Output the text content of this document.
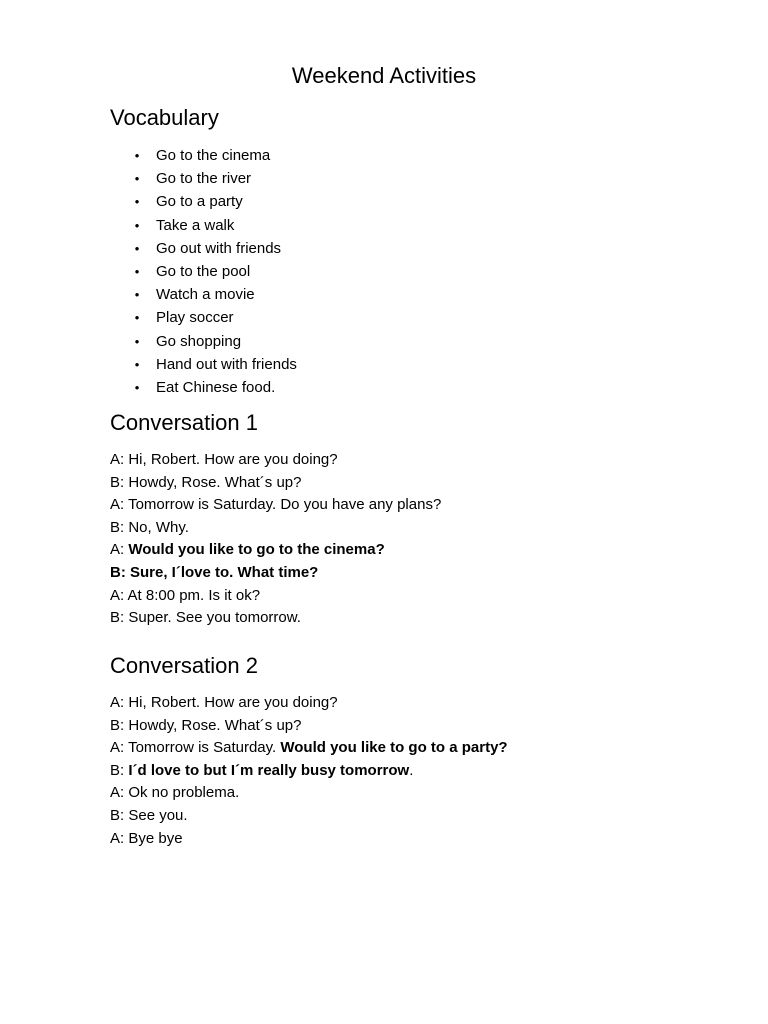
Weekend Activities
Vocabulary
• Go to the cinema
• Go to the river
• Go to a party
• Take a walk
• Go out with friends
• Go to the pool
• Watch a movie
• Play soccer
• Go shopping
• Hand out with friends
• Eat Chinese food.
Conversation 1
A: Hi, Robert. How are you doing?
B: Howdy, Rose. What´s up?
A: Tomorrow is Saturday. Do you have any plans?
B: No, Why.
A: Would you like to go to the cinema?
B: Sure, I´love to. What time?
A: At 8:00 pm. Is it ok?
B: Super. See you tomorrow.
Conversation 2
A: Hi, Robert. How are you doing?
B: Howdy, Rose. What´s up?
A: Tomorrow is Saturday. Would you like to go to a party?
B: I´d love to but I´m really busy tomorrow.
A: Ok no problema.
B: See you.
A: Bye bye
